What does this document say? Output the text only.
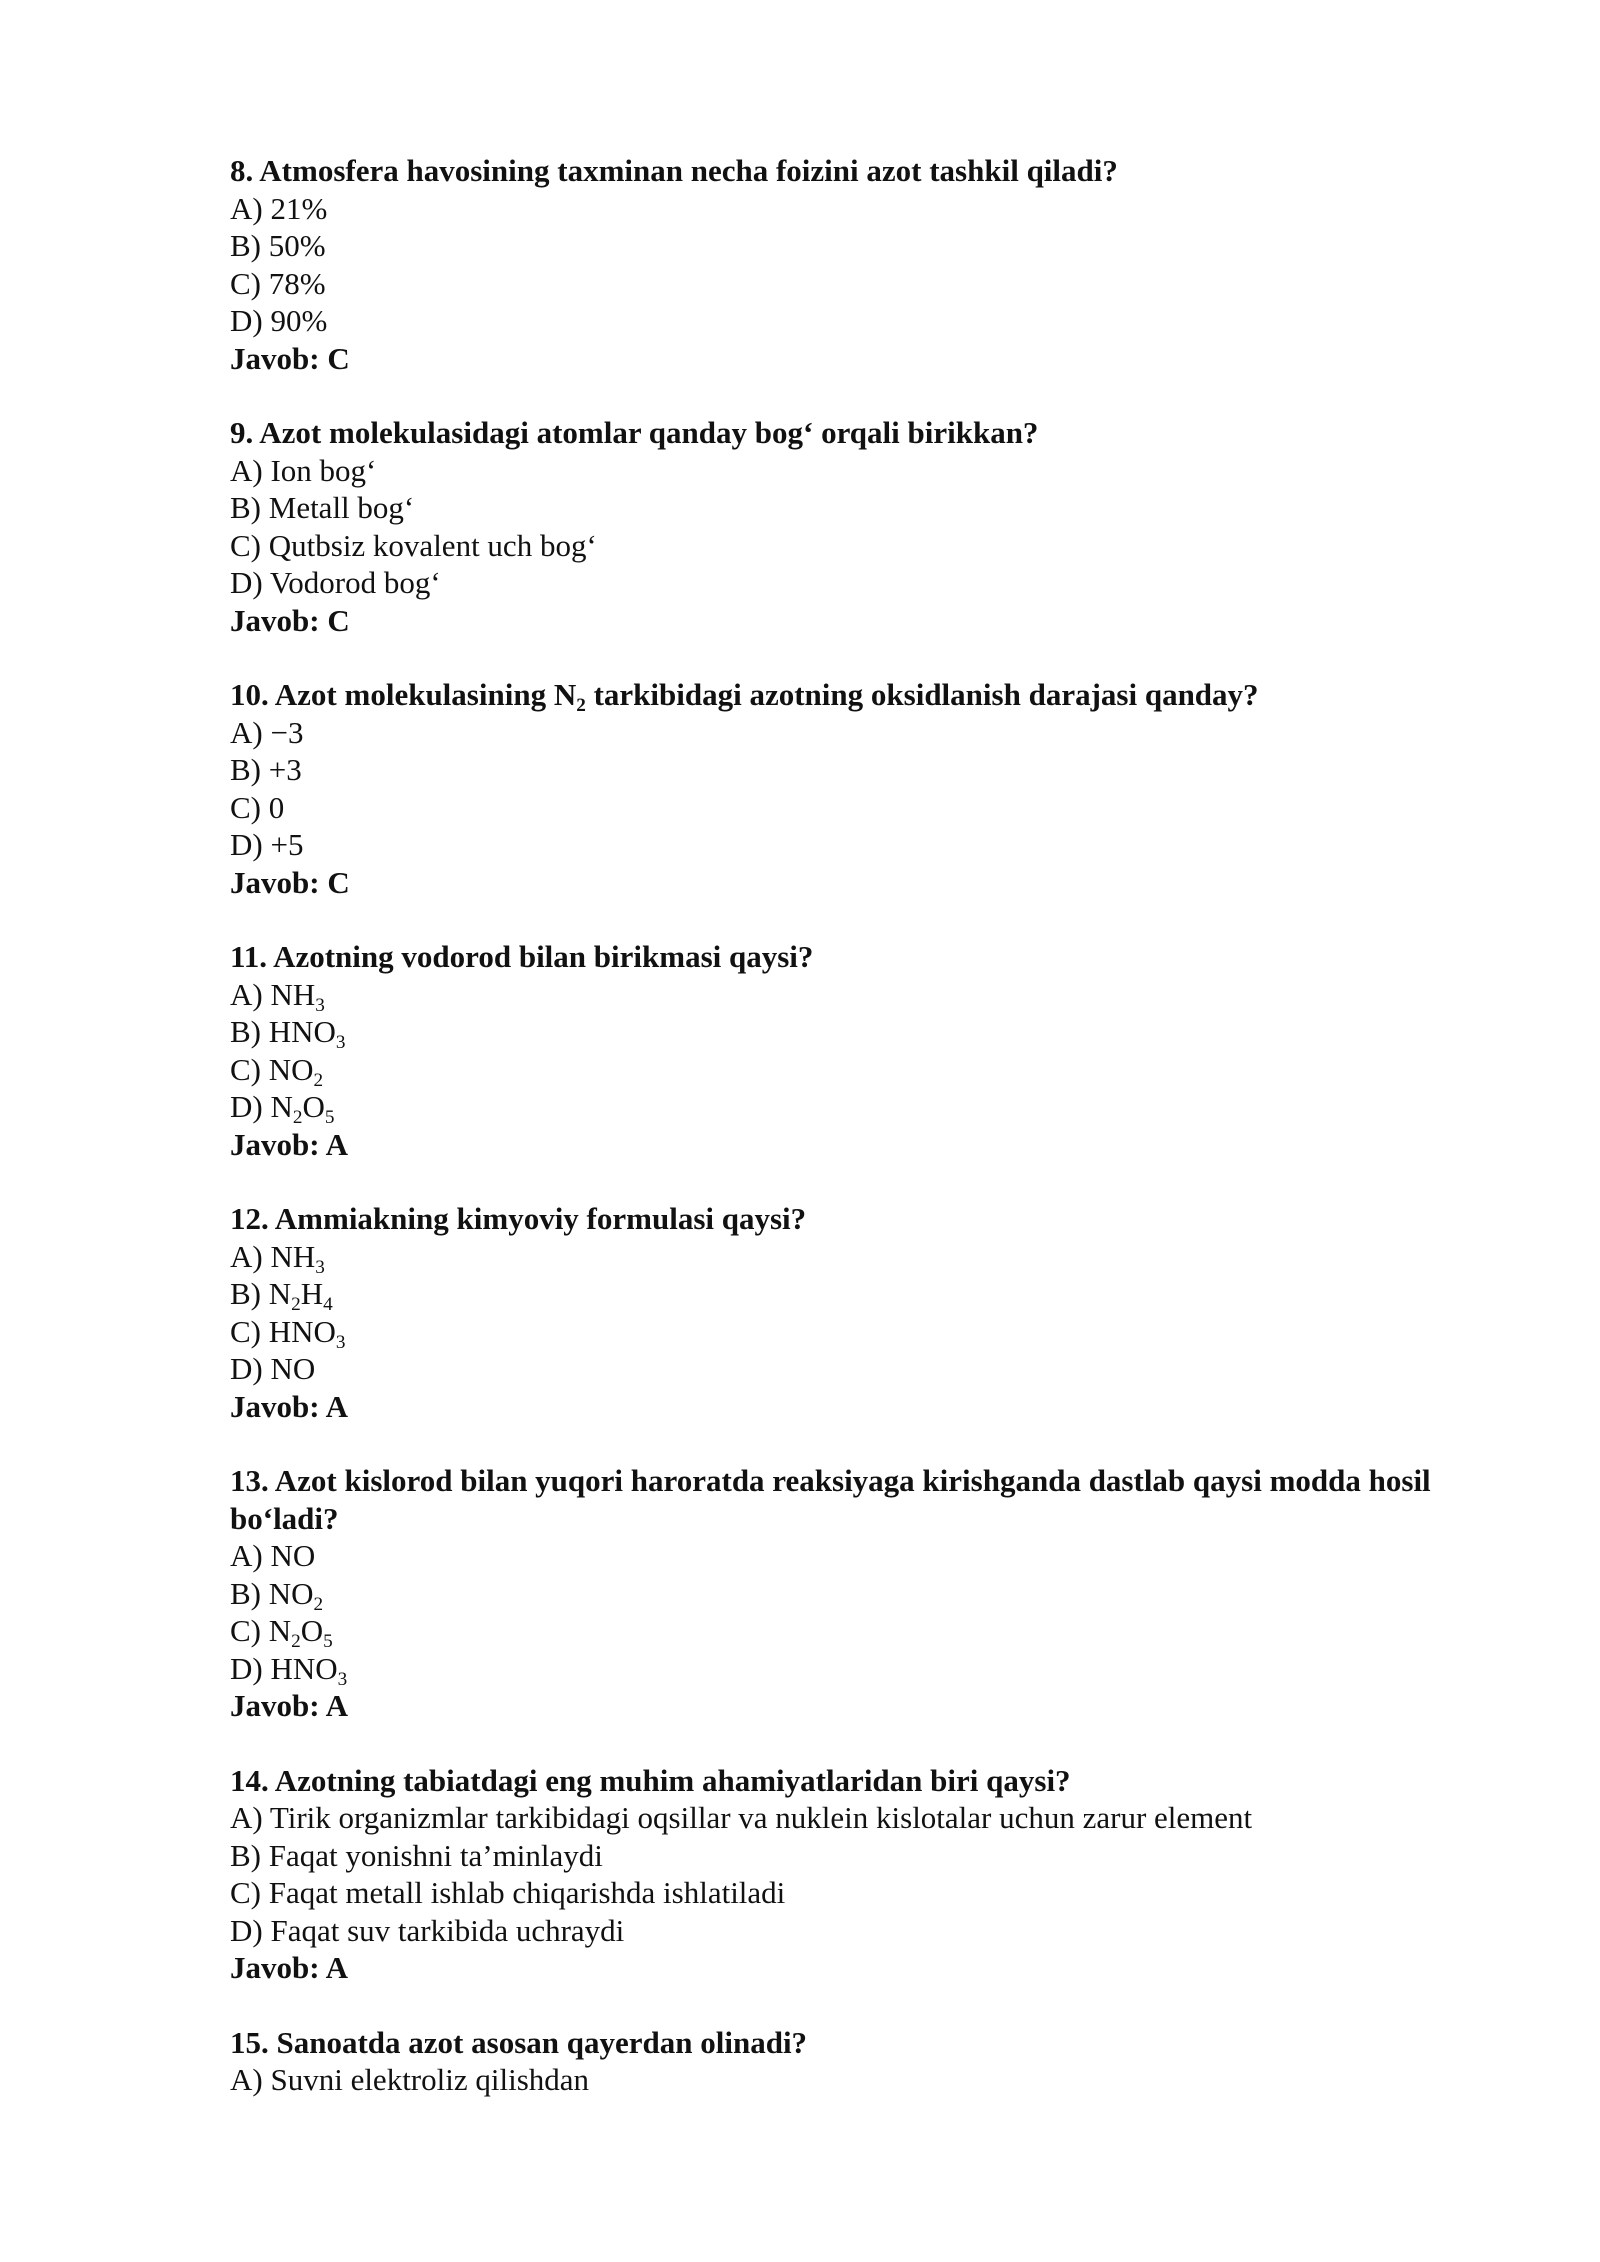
8. Atmosfera havosining taxminan necha foizini azot tashkil qiladi?
A) 21%
B) 50%
C) 78%
D) 90%
Javob: C
9. Azot molekulasidagi atomlar qanday bog‘ orqali birikkan?
A) Ion bog‘
B) Metall bog‘
C) Qutbsiz kovalent uch bog‘
D) Vodorod bog‘
Javob: C
10. Azot molekulasining $N_2$ tarkibidagi azotning oksidlanish darajasi qanday?
A) −3
B) +3
C) 0
D) +5
Javob: C
11. Azotning vodorod bilan birikmasi qaysi?
A) $NH_3$
B) $HNO_3$
C) $NO_2$
D) $N_2O_5$
Javob: A
12. Ammiakning kimyoviy formulasi qaysi?
A) $NH_3$
B) $N_2H_4$
C) $HNO_3$
D) NO
Javob: A
13. Azot kislorod bilan yuqori haroratda reaksiyaga kirishganda dastlab qaysi modda hosil bo‘ladi?
A) NO
B) $NO_2$
C) $N_2O_5$
D) $HNO_3$
Javob: A
14. Azotning tabiatdagi eng muhim ahamiyatlaridan biri qaysi?
A) Tirik organizmlar tarkibidagi oqsillar va nuklein kislotalar uchun zarur element
B) Faqat yonishni ta’minlaydi
C) Faqat metall ishlab chiqarishda ishlatiladi
D) Faqat suv tarkibida uchraydi
Javob: A
15. Sanoatda azot asosan qayerdan olinadi?
A) Suvni elektroliz qilishdan
